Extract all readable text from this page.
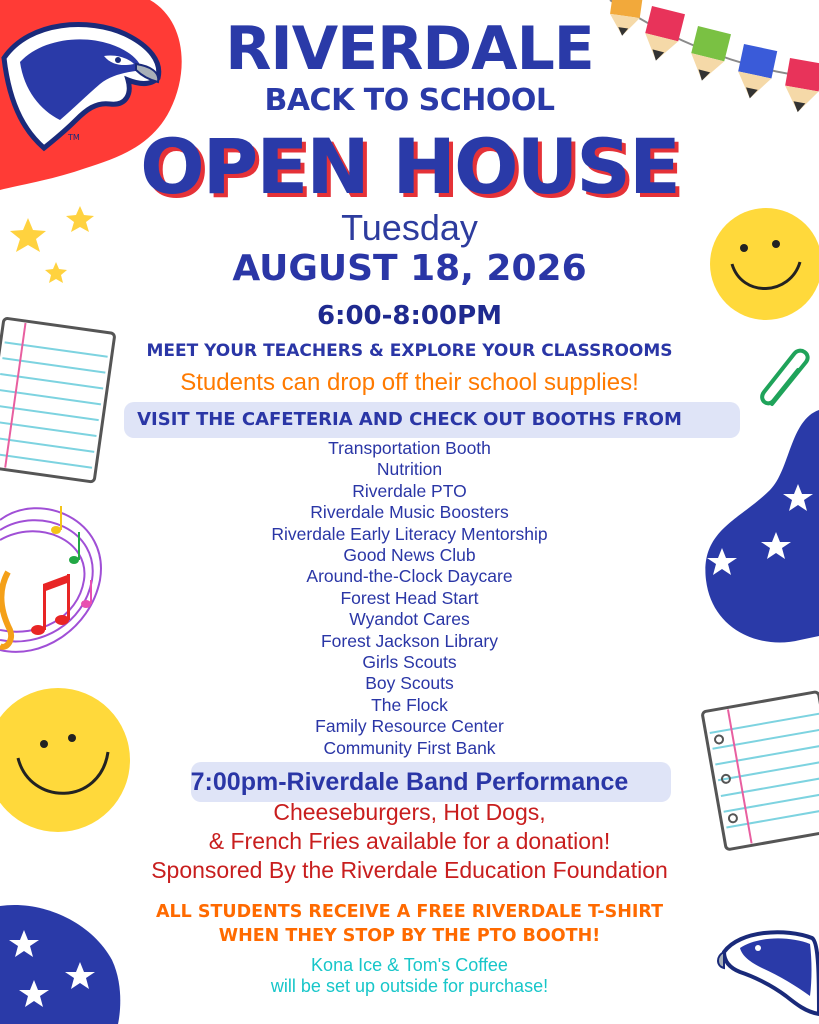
TM
RIVERDALE
BACK TO SCHOOL
OPEN HOUSE
Tuesday
AUGUST 18, 2026
6:00-8:00PM
MEET YOUR TEACHERS & EXPLORE YOUR CLASSROOMS
Students can drop off their school supplies!
VISIT THE CAFETERIA AND CHECK OUT BOOTHS FROM
Transportation Booth
Nutrition
Riverdale PTO
Riverdale Music Boosters
Riverdale Early Literacy Mentorship
Good News Club
Around-the-Clock Daycare
Forest Head Start
Wyandot Cares
Forest Jackson Library
Girls Scouts
Boy Scouts
The Flock
Family Resource Center
Community First Bank
7:00pm-Riverdale Band Performance
Cheeseburgers, Hot Dogs,
& French Fries available for a donation!
Sponsored By the Riverdale Education Foundation
ALL STUDENTS RECEIVE A FREE RIVERDALE T-SHIRT
WHEN THEY STOP BY THE PTO BOOTH!
Kona Ice & Tom's Coffee
will be set up outside for purchase!
